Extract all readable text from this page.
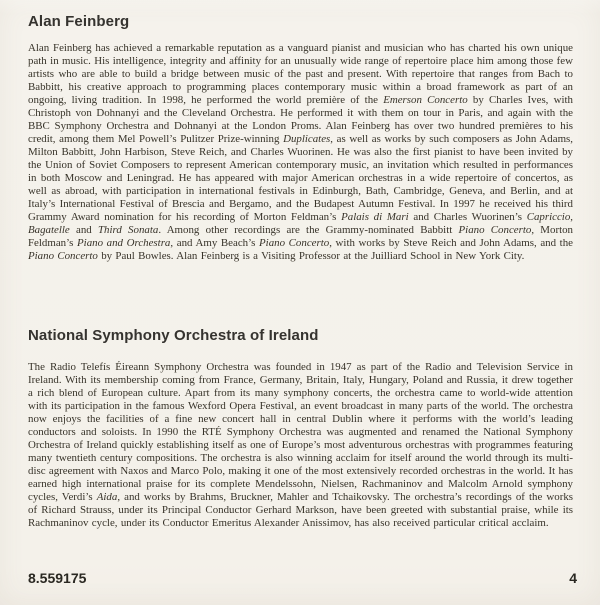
Alan Feinberg

Alan Feinberg has achieved a remarkable reputation as a vanguard pianist and musician who has charted his own unique path in music. His intelligence, integrity and affinity for an unusually wide range of repertoire place him among those few artists who are able to build a bridge between music of the past and present. With repertoire that ranges from Bach to Babbitt, his creative approach to programming places contemporary music within a broad framework as part of an ongoing, living tradition. In 1998, he performed the world première of the Emerson Concerto by Charles Ives, with Christoph von Dohnanyi and the Cleveland Orchestra. He performed it with them on tour in Paris, and again with the BBC Symphony Orchestra and Dohnanyi at the London Proms. Alan Feinberg has over two hundred premières to his credit, among them Mel Powell’s Pulitzer Prize-winning Duplicates, as well as works by such composers as John Adams, Milton Babbitt, John Harbison, Steve Reich, and Charles Wuorinen. He was also the first pianist to have been invited by the Union of Soviet Composers to represent American contemporary music, an invitation which resulted in performances in both Moscow and Leningrad. He has appeared with major American orchestras in a wide repertoire of concertos, as well as abroad, with participation in international festivals in Edinburgh, Bath, Cambridge, Geneva, and Berlin, and at Italy’s International Festival of Brescia and Bergamo, and the Budapest Autumn Festival. In 1997 he received his third Grammy Award nomination for his recording of Morton Feldman’s Palais di Mari and Charles Wuorinen’s Capriccio, Bagatelle and Third Sonata. Among other recordings are the Grammy-nominated Babbitt Piano Concerto, Morton Feldman’s Piano and Orchestra, and Amy Beach’s Piano Concerto, with works by Steve Reich and John Adams, and the Piano Concerto by Paul Bowles. Alan Feinberg is a Visiting Professor at the Juilliard School in New York City.

National Symphony Orchestra of Ireland

The Radio Telefís Éireann Symphony Orchestra was founded in 1947 as part of the Radio and Television Service in Ireland. With its membership coming from France, Germany, Britain, Italy, Hungary, Poland and Russia, it drew together a rich blend of European culture. Apart from its many symphony concerts, the orchestra came to world-wide attention with its participation in the famous Wexford Opera Festival, an event broadcast in many parts of the world. The orchestra now enjoys the facilities of a fine new concert hall in central Dublin where it performs with the world’s leading conductors and soloists. In 1990 the RTÉ Symphony Orchestra was augmented and renamed the National Symphony Orchestra of Ireland quickly establishing itself as one of Europe’s most adventurous orchestras with programmes featuring many twentieth century compositions. The orchestra is also winning acclaim for itself around the world through its multi-disc agreement with Naxos and Marco Polo, making it one of the most extensively recorded orchestras in the world. It has earned high international praise for its complete Mendelssohn, Nielsen, Rachmaninov and Malcolm Arnold symphony cycles, Verdi’s Aida, and works by Brahms, Bruckner, Mahler and Tchaikovsky. The orchestra’s recordings of the works of Richard Strauss, under its Principal Conductor Gerhard Markson, have been greeted with substantial praise, while its Rachmaninov cycle, under its Conductor Emeritus Alexander Anissimov, has also received particular critical acclaim.

8.559175	4
